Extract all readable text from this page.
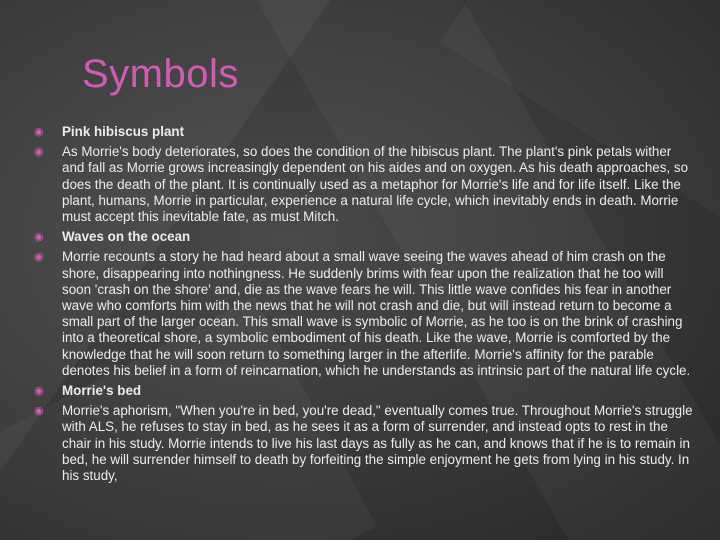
Symbols
◉ Pink hibiscus plant
◉ As Morrie's body deteriorates, so does the condition of the hibiscus plant. The plant's pink petals wither and fall as Morrie grows increasingly dependent on his aides and on oxygen. As his death approaches, so does the death of the plant. It is continually used as a metaphor for Morrie's life and for life itself. Like the plant, humans, Morrie in particular, experience a natural life cycle, which inevitably ends in death. Morrie must accept this inevitable fate, as must Mitch.
◉ Waves on the ocean
◉ Morrie recounts a story he had heard about a small wave seeing the waves ahead of him crash on the shore, disappearing into nothingness. He suddenly brims with fear upon the realization that he too will soon 'crash on the shore' and, die as the wave fears he will. This little wave confides his fear in another wave who comforts him with the news that he will not crash and die, but will instead return to become a small part of the larger ocean. This small wave is symbolic of Morrie, as he too is on the brink of crashing into a theoretical shore, a symbolic embodiment of his death. Like the wave, Morrie is comforted by the knowledge that he will soon return to something larger in the afterlife. Morrie's affinity for the parable denotes his belief in a form of reincarnation, which he understands as intrinsic part of the natural life cycle.
◉ Morrie's bed
◉ Morrie's aphorism, "When you're in bed, you're dead," eventually comes true. Throughout Morrie's struggle with ALS, he refuses to stay in bed, as he sees it as a form of surrender, and instead opts to rest in the chair in his study. Morrie intends to live his last days as fully as he can, and knows that if he is to remain in bed, he will surrender himself to death by forfeiting the simple enjoyment he gets from lying in his study. In his study,
